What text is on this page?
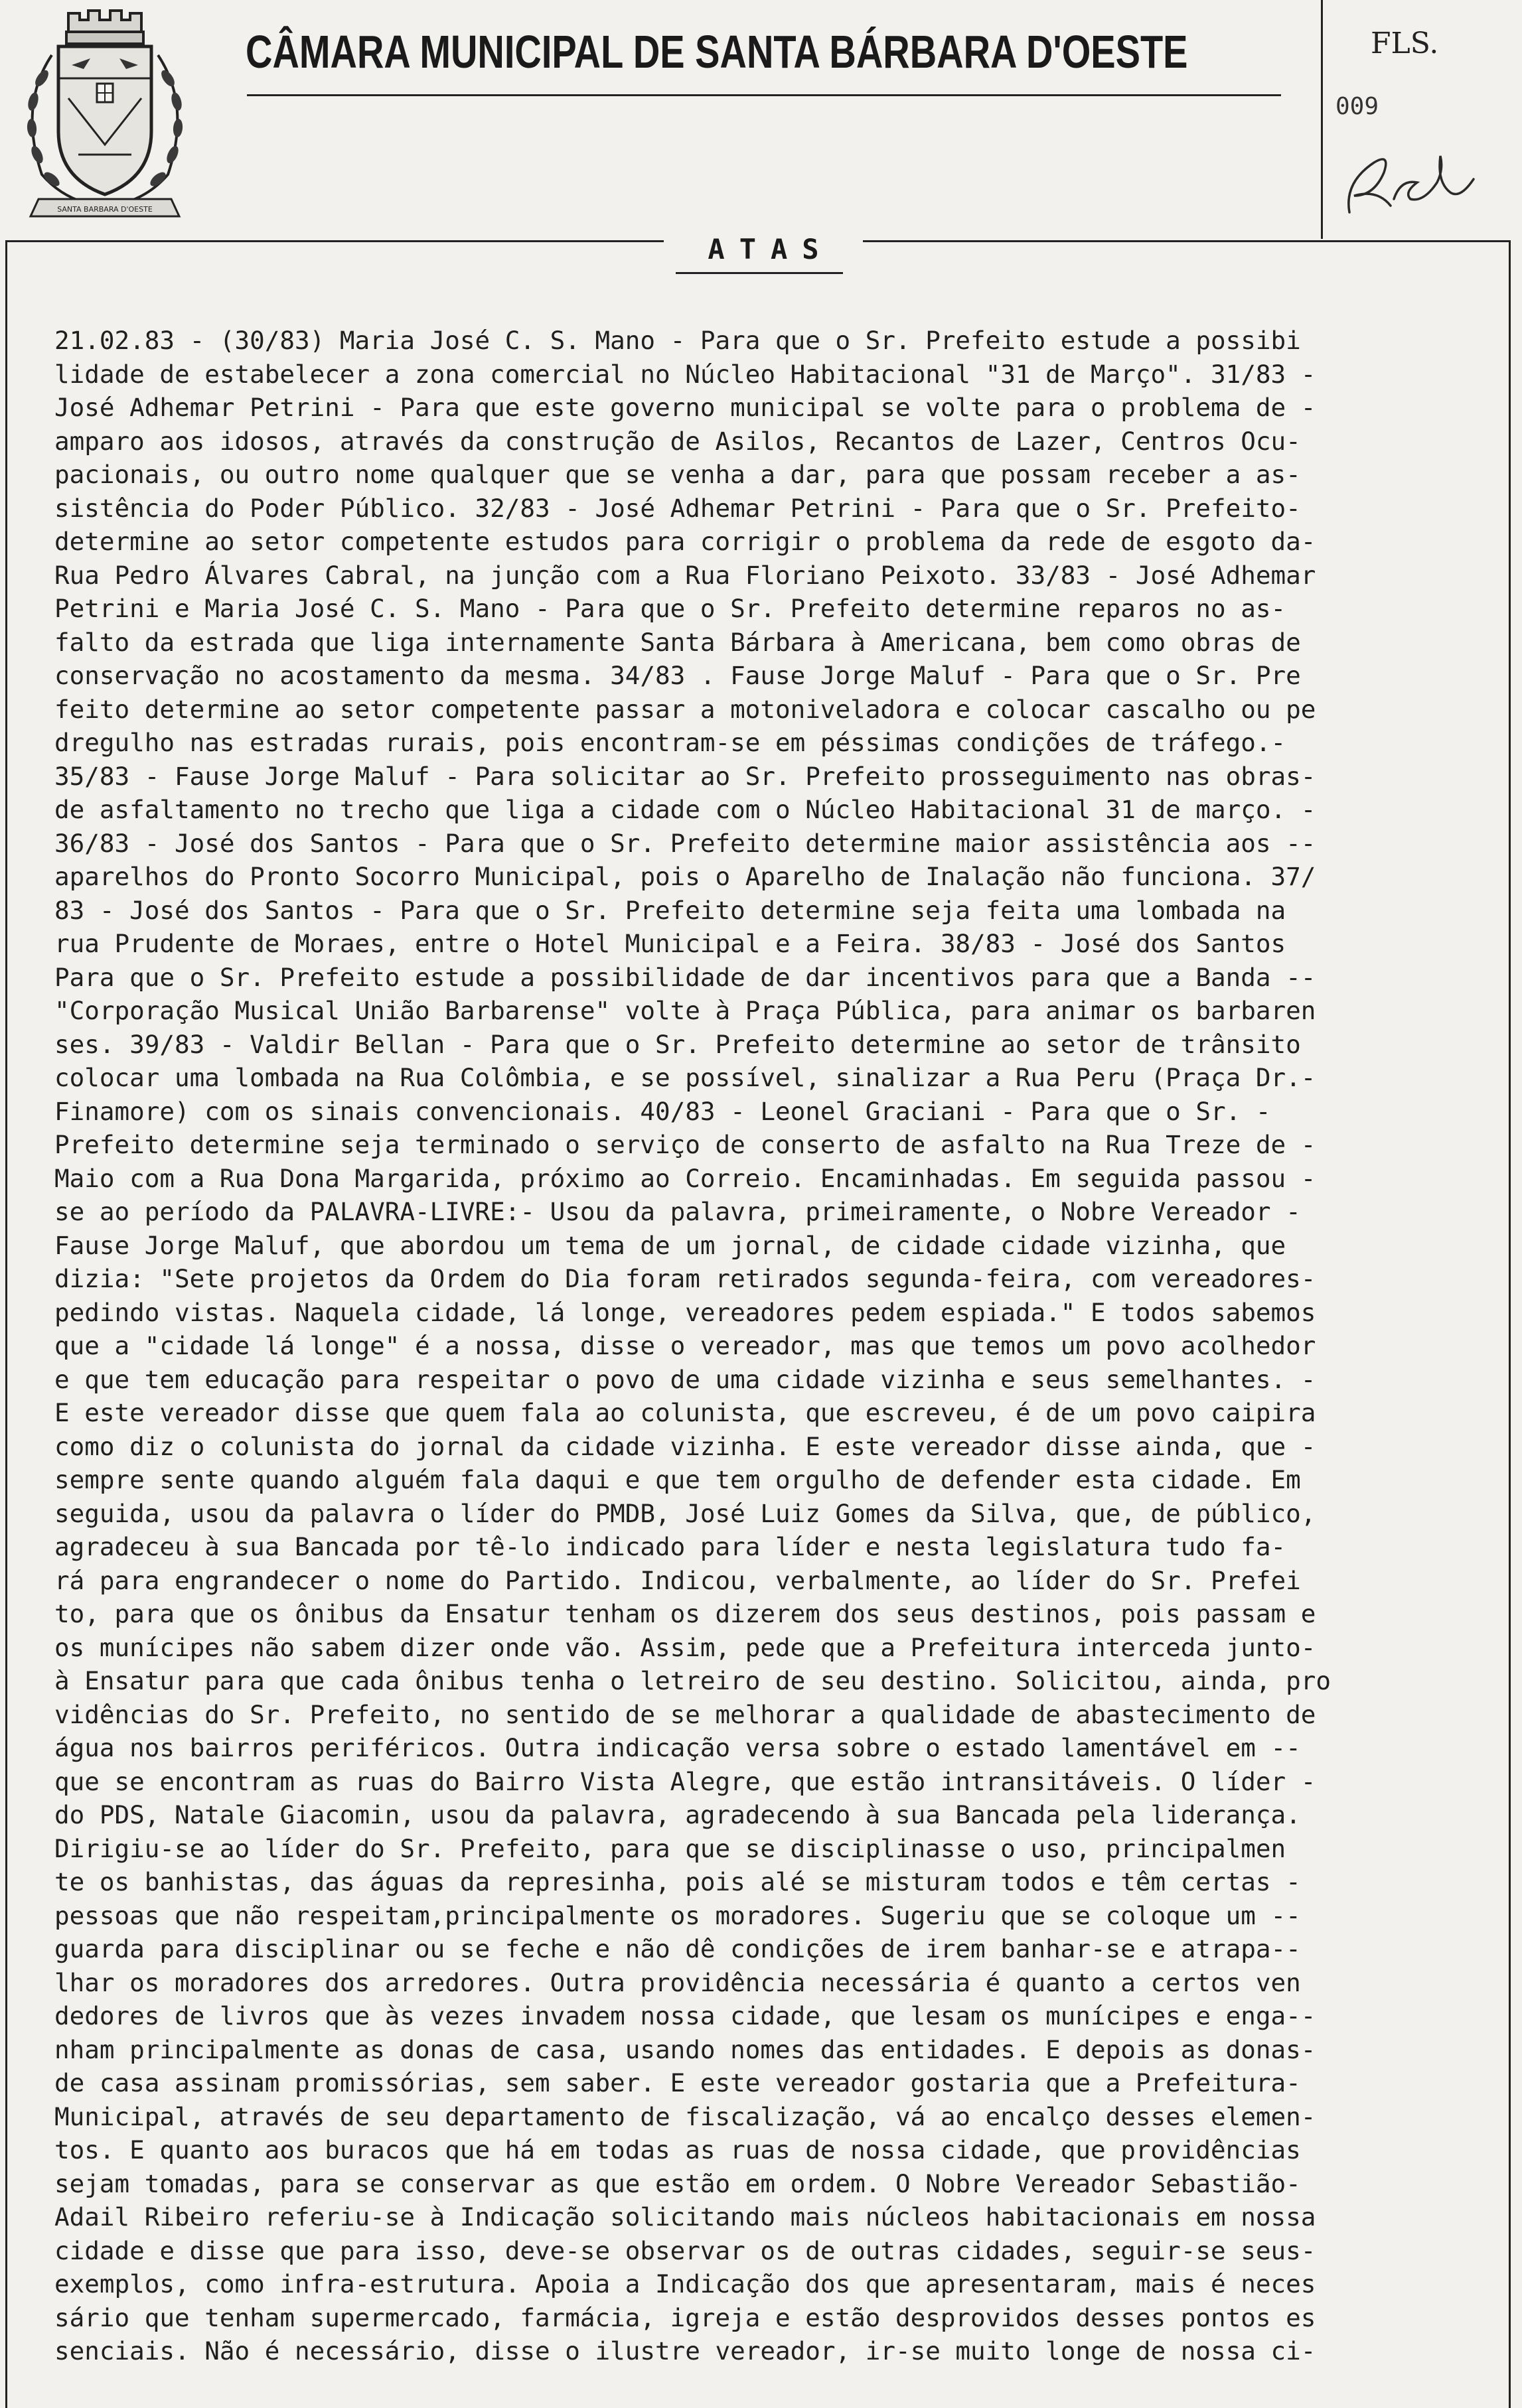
SANTA BARBARA D'OESTE
CÂMARA MUNICIPAL DE SANTA BÁRBARA D'OESTE	FLS.
009
ATAS
21.02.83 - (30/83) Maria José C. S. Mano - Para que o Sr. Prefeito estude a possibi
lidade de estabelecer a zona comercial no Núcleo Habitacional "31 de Março". 31/83 -
José Adhemar Petrini - Para que este governo municipal se volte para o problema de -
amparo aos idosos, através da construção de Asilos, Recantos de Lazer, Centros Ocu-
pacionais, ou outro nome qualquer que se venha a dar, para que possam receber a as-
sistência do Poder Público. 32/83 - José Adhemar Petrini - Para que o Sr. Prefeito-
determine ao setor competente estudos para corrigir o problema da rede de esgoto da-
Rua Pedro Álvares Cabral, na junção com a Rua Floriano Peixoto. 33/83 - José Adhemar
Petrini e Maria José C. S. Mano - Para que o Sr. Prefeito determine reparos no as-
falto da estrada que liga internamente Santa Bárbara à Americana, bem como obras de
conservação no acostamento da mesma. 34/83 . Fause Jorge Maluf - Para que o Sr. Pre
feito determine ao setor competente passar a motoniveladora e colocar cascalho ou pe
dregulho nas estradas rurais, pois encontram-se em péssimas condições de tráfego.-
35/83 - Fause Jorge Maluf - Para solicitar ao Sr. Prefeito prosseguimento nas obras-
de asfaltamento no trecho que liga a cidade com o Núcleo Habitacional 31 de março. -
36/83 - José dos Santos - Para que o Sr. Prefeito determine maior assistência aos --
aparelhos do Pronto Socorro Municipal, pois o Aparelho de Inalação não funciona. 37/
83 - José dos Santos - Para que o Sr. Prefeito determine seja feita uma lombada na
rua Prudente de Moraes, entre o Hotel Municipal e a Feira. 38/83 - José dos Santos
Para que o Sr. Prefeito estude a possibilidade de dar incentivos para que a Banda --
"Corporação Musical União Barbarense" volte à Praça Pública, para animar os barbaren
ses. 39/83 - Valdir Bellan - Para que o Sr. Prefeito determine ao setor de trânsito
colocar uma lombada na Rua Colômbia, e se possível, sinalizar a Rua Peru (Praça Dr.-
Finamore) com os sinais convencionais. 40/83 - Leonel Graciani - Para que o Sr. -
Prefeito determine seja terminado o serviço de conserto de asfalto na Rua Treze de -
Maio com a Rua Dona Margarida, próximo ao Correio. Encaminhadas. Em seguida passou -
se ao período da PALAVRA-LIVRE:- Usou da palavra, primeiramente, o Nobre Vereador -
Fause Jorge Maluf, que abordou um tema de um jornal, de cidade cidade vizinha, que
dizia: "Sete projetos da Ordem do Dia foram retirados segunda-feira, com vereadores-
pedindo vistas. Naquela cidade, lá longe, vereadores pedem espiada." E todos sabemos
que a "cidade lá longe" é a nossa, disse o vereador, mas que temos um povo acolhedor
e que tem educação para respeitar o povo de uma cidade vizinha e seus semelhantes. -
E este vereador disse que quem fala ao colunista, que escreveu, é de um povo caipira
como diz o colunista do jornal da cidade vizinha. E este vereador disse ainda, que -
sempre sente quando alguém fala daqui e que tem orgulho de defender esta cidade. Em
seguida, usou da palavra o líder do PMDB, José Luiz Gomes da Silva, que, de público,
agradeceu à sua Bancada por tê-lo indicado para líder e nesta legislatura tudo fa-
rá para engrandecer o nome do Partido. Indicou, verbalmente, ao líder do Sr. Prefei
to, para que os ônibus da Ensatur tenham os dizerem dos seus destinos, pois passam e
os munícipes não sabem dizer onde vão. Assim, pede que a Prefeitura interceda junto-
à Ensatur para que cada ônibus tenha o letreiro de seu destino. Solicitou, ainda, pro
vidências do Sr. Prefeito, no sentido de se melhorar a qualidade de abastecimento de
água nos bairros periféricos. Outra indicação versa sobre o estado lamentável em --
que se encontram as ruas do Bairro Vista Alegre, que estão intransitáveis. O líder -
do PDS, Natale Giacomin, usou da palavra, agradecendo à sua Bancada pela liderança.
Dirigiu-se ao líder do Sr. Prefeito, para que se disciplinasse o uso, principalmen
te os banhistas, das águas da represinha, pois alé se misturam todos e têm certas -
pessoas que não respeitam,principalmente os moradores. Sugeriu que se coloque um --
guarda para disciplinar ou se feche e não dê condições de irem banhar-se e atrapa--
lhar os moradores dos arredores. Outra providência necessária é quanto a certos ven
dedores de livros que às vezes invadem nossa cidade, que lesam os munícipes e enga--
nham principalmente as donas de casa, usando nomes das entidades. E depois as donas-
de casa assinam promissórias, sem saber. E este vereador gostaria que a Prefeitura-
Municipal, através de seu departamento de fiscalização, vá ao encalço desses elemen-
tos. E quanto aos buracos que há em todas as ruas de nossa cidade, que providências
sejam tomadas, para se conservar as que estão em ordem. O Nobre Vereador Sebastião-
Adail Ribeiro referiu-se à Indicação solicitando mais núcleos habitacionais em nossa
cidade e disse que para isso, deve-se observar os de outras cidades, seguir-se seus-
exemplos, como infra-estrutura. Apoia a Indicação dos que apresentaram, mais é neces
sário que tenham supermercado, farmácia, igreja e estão desprovidos desses pontos es
senciais. Não é necessário, disse o ilustre vereador, ir-se muito longe de nossa ci-
